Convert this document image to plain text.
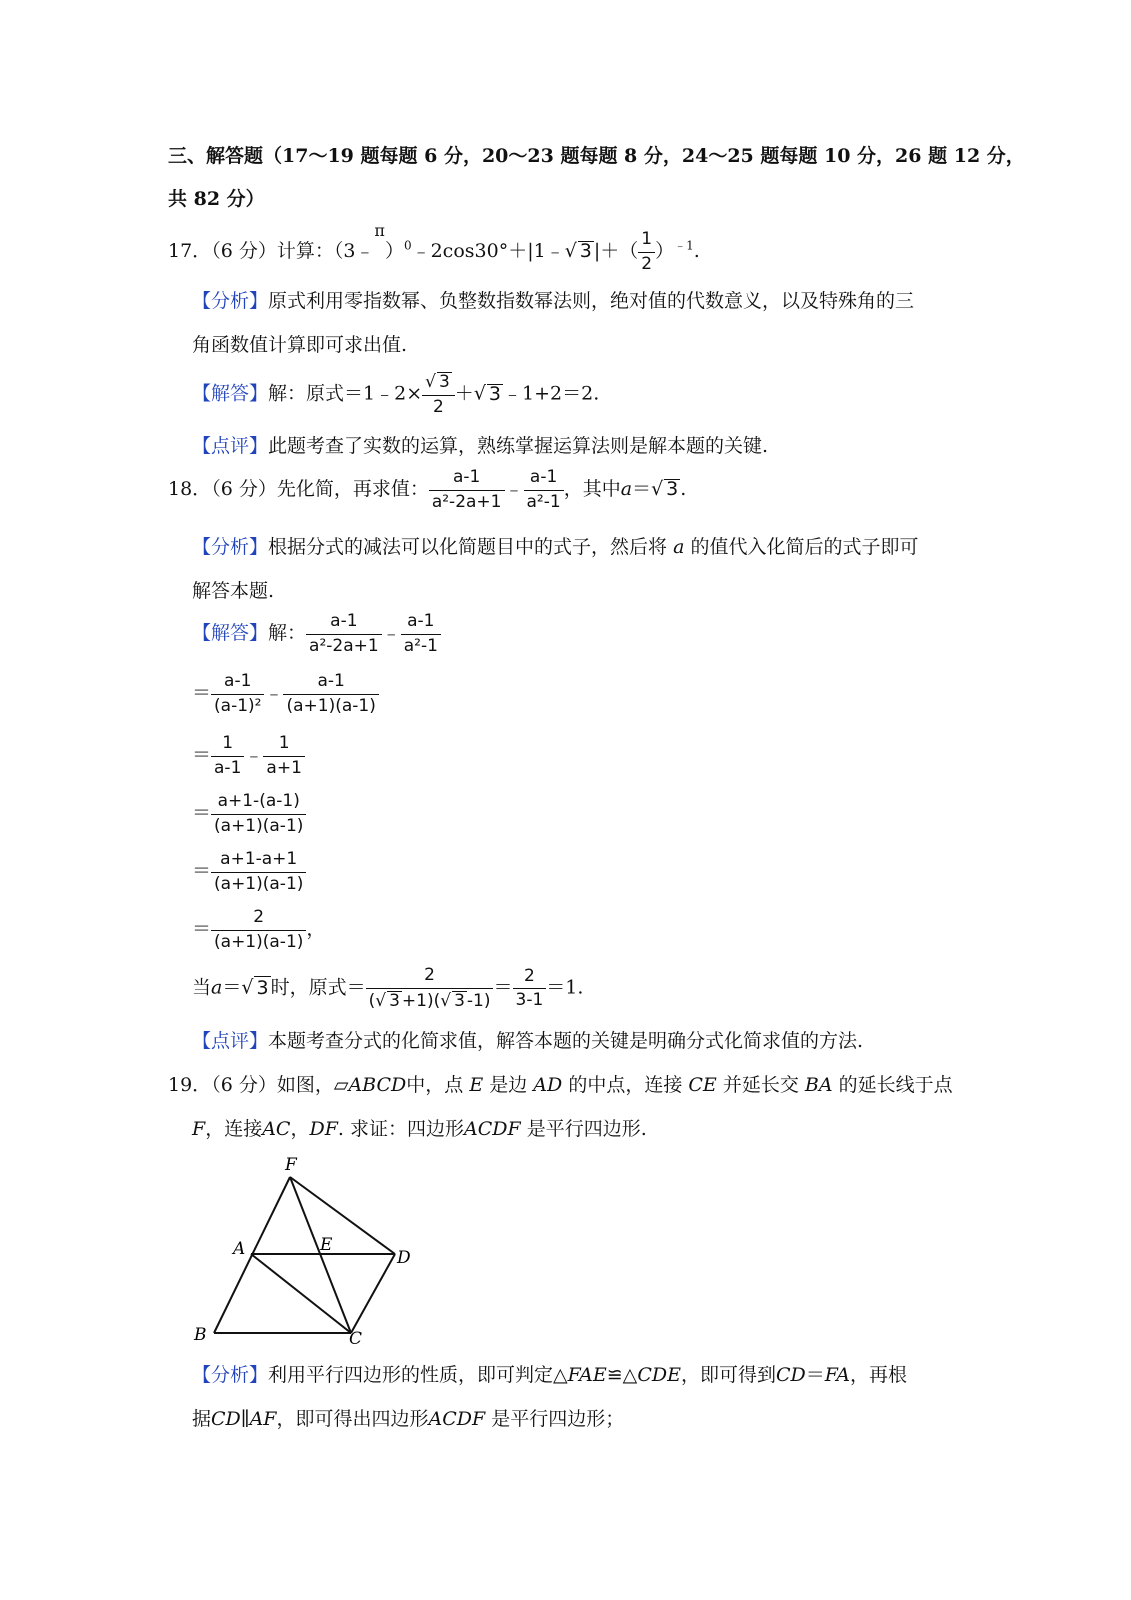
三、解答题（17～19 题每题 6 分，20～23 题每题 8 分，24～25 题每题 10 分，26 题 12 分，
共 82 分）
17．（6 分）计算：（3﹣$^\pi$）$^0$﹣2cos30°＋|1﹣√ 3 |＋（ $\frac{1}{2} )^{﹣1}$.
【分析】原式利用零指数幂、负整数指数幂法则，绝对值的代数意义，以及特殊角的三
角函数值计算即可求出值.
【解答】解：原式＝1﹣2× $\frac{√ 3}{2}$ ＋√ 3 ﹣1+2＝2.
【点评】此题考查了实数的运算，熟练掌握运算法则是解本题的关键.
18．（6 分）先化简，再求值： $\frac{a-1}{\text{a²-2a+1}}$ ﹣ $\frac{a-1}{\text{a²-1}}$ ，其中a＝√ 3 .
【分析】根据分式的减法可以化简题目中的式子，然后将 a 的值代入化简后的式子即可
解答本题.
【解答】解： $\frac{a-1}{\text{a²-2a+1}}$ ﹣ $\frac{a-1}{\text{a²-1}}$
＝ $\frac{a-1}{\text{(a-1)²}}$ ﹣ $\frac{a-1}{(a+1)(a-1)}$
＝ $\frac{1}{a-1}$ ﹣ $\frac{1}{a+1}$
＝ $\frac{a+1-(a-1)}{(a+1)(a-1)}$
＝ $\frac{a+1-a+1}{(a+1)(a-1)}$
＝ $\frac{2}{(a+1)(a-1)}$ ，
当a＝√ 3 时，原式＝ $\frac{2}{(√ 3 +1)(√ 3 -1)} = \frac{2}{3-1} =1$.
【点评】本题考查分式的化简求值，解答本题的关键是明确分式化简求值的方法.
19．（6 分）如图，▱ABCD中，点 E 是边 AD 的中点，连接 CE 并延长交 BA 的延长线于点
F，连接AC，DF. 求证：四边形ACDF 是平行四边形.
F
A	E
D
B	C
【分析】利用平行四边形的性质，即可判定△FAE≌△CDE，即可得到CD＝FA，再根
据CD∥AF，即可得出四边形ACDF 是平行四边形；
